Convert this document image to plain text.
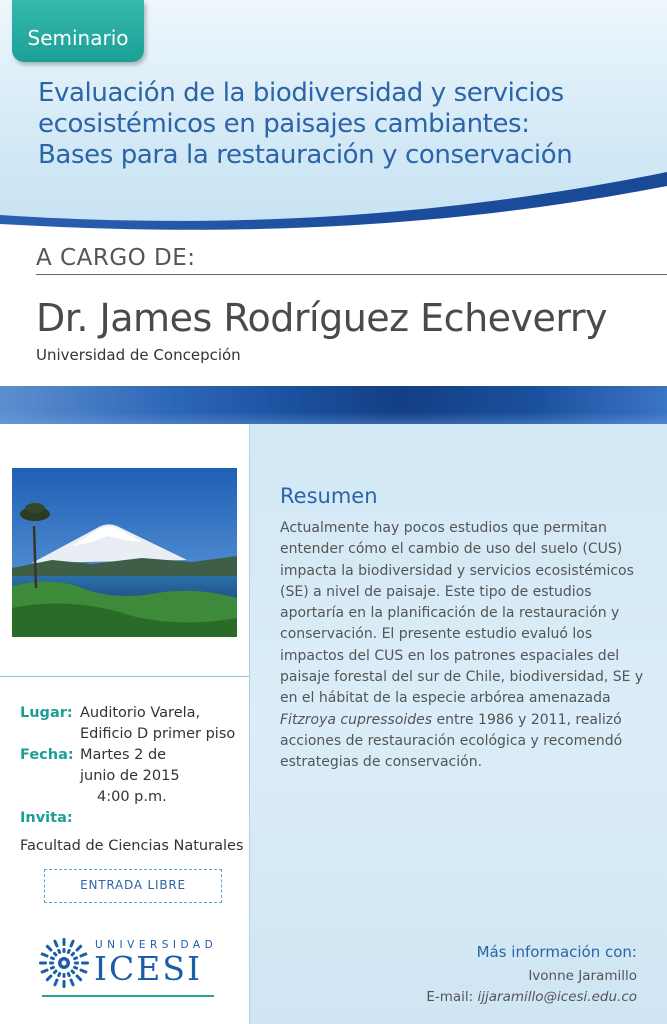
Seminario
Evaluación de la biodiversidad y servicios
ecosistémicos en paisajes cambiantes:
Bases para la restauración y conservación
A CARGO DE:
Dr. James Rodríguez Echeverry
Universidad de Concepción
Lugar: Auditorio Varela, Edificio D primer piso
Fecha: Martes 2 de junio de 2015
4:00 p.m.
Invita:
Facultad de Ciencias Naturales
ENTRADA LIBRE
UNIVERSIDAD
ICESI
Resumen

Actualmente hay pocos estudios que permitan entender cómo el cambio de uso del suelo (CUS) impacta la biodiversidad y servicios ecosistémicos (SE) a nivel de paisaje. Este tipo de estudios aportaría en la planificación de la restauración y conservación. El presente estudio evaluó los impactos del CUS en los patrones espaciales del paisaje forestal del sur de Chile, biodiversidad, SE y en el hábitat de la especie arbórea amenazada Fitzroya cupressoides entre 1986 y 2011, realizó acciones de restauración ecológica y recomendó estrategias de conservación.

Más información con:
Ivonne Jaramillo
E-mail: ijjaramillo@icesi.edu.co
